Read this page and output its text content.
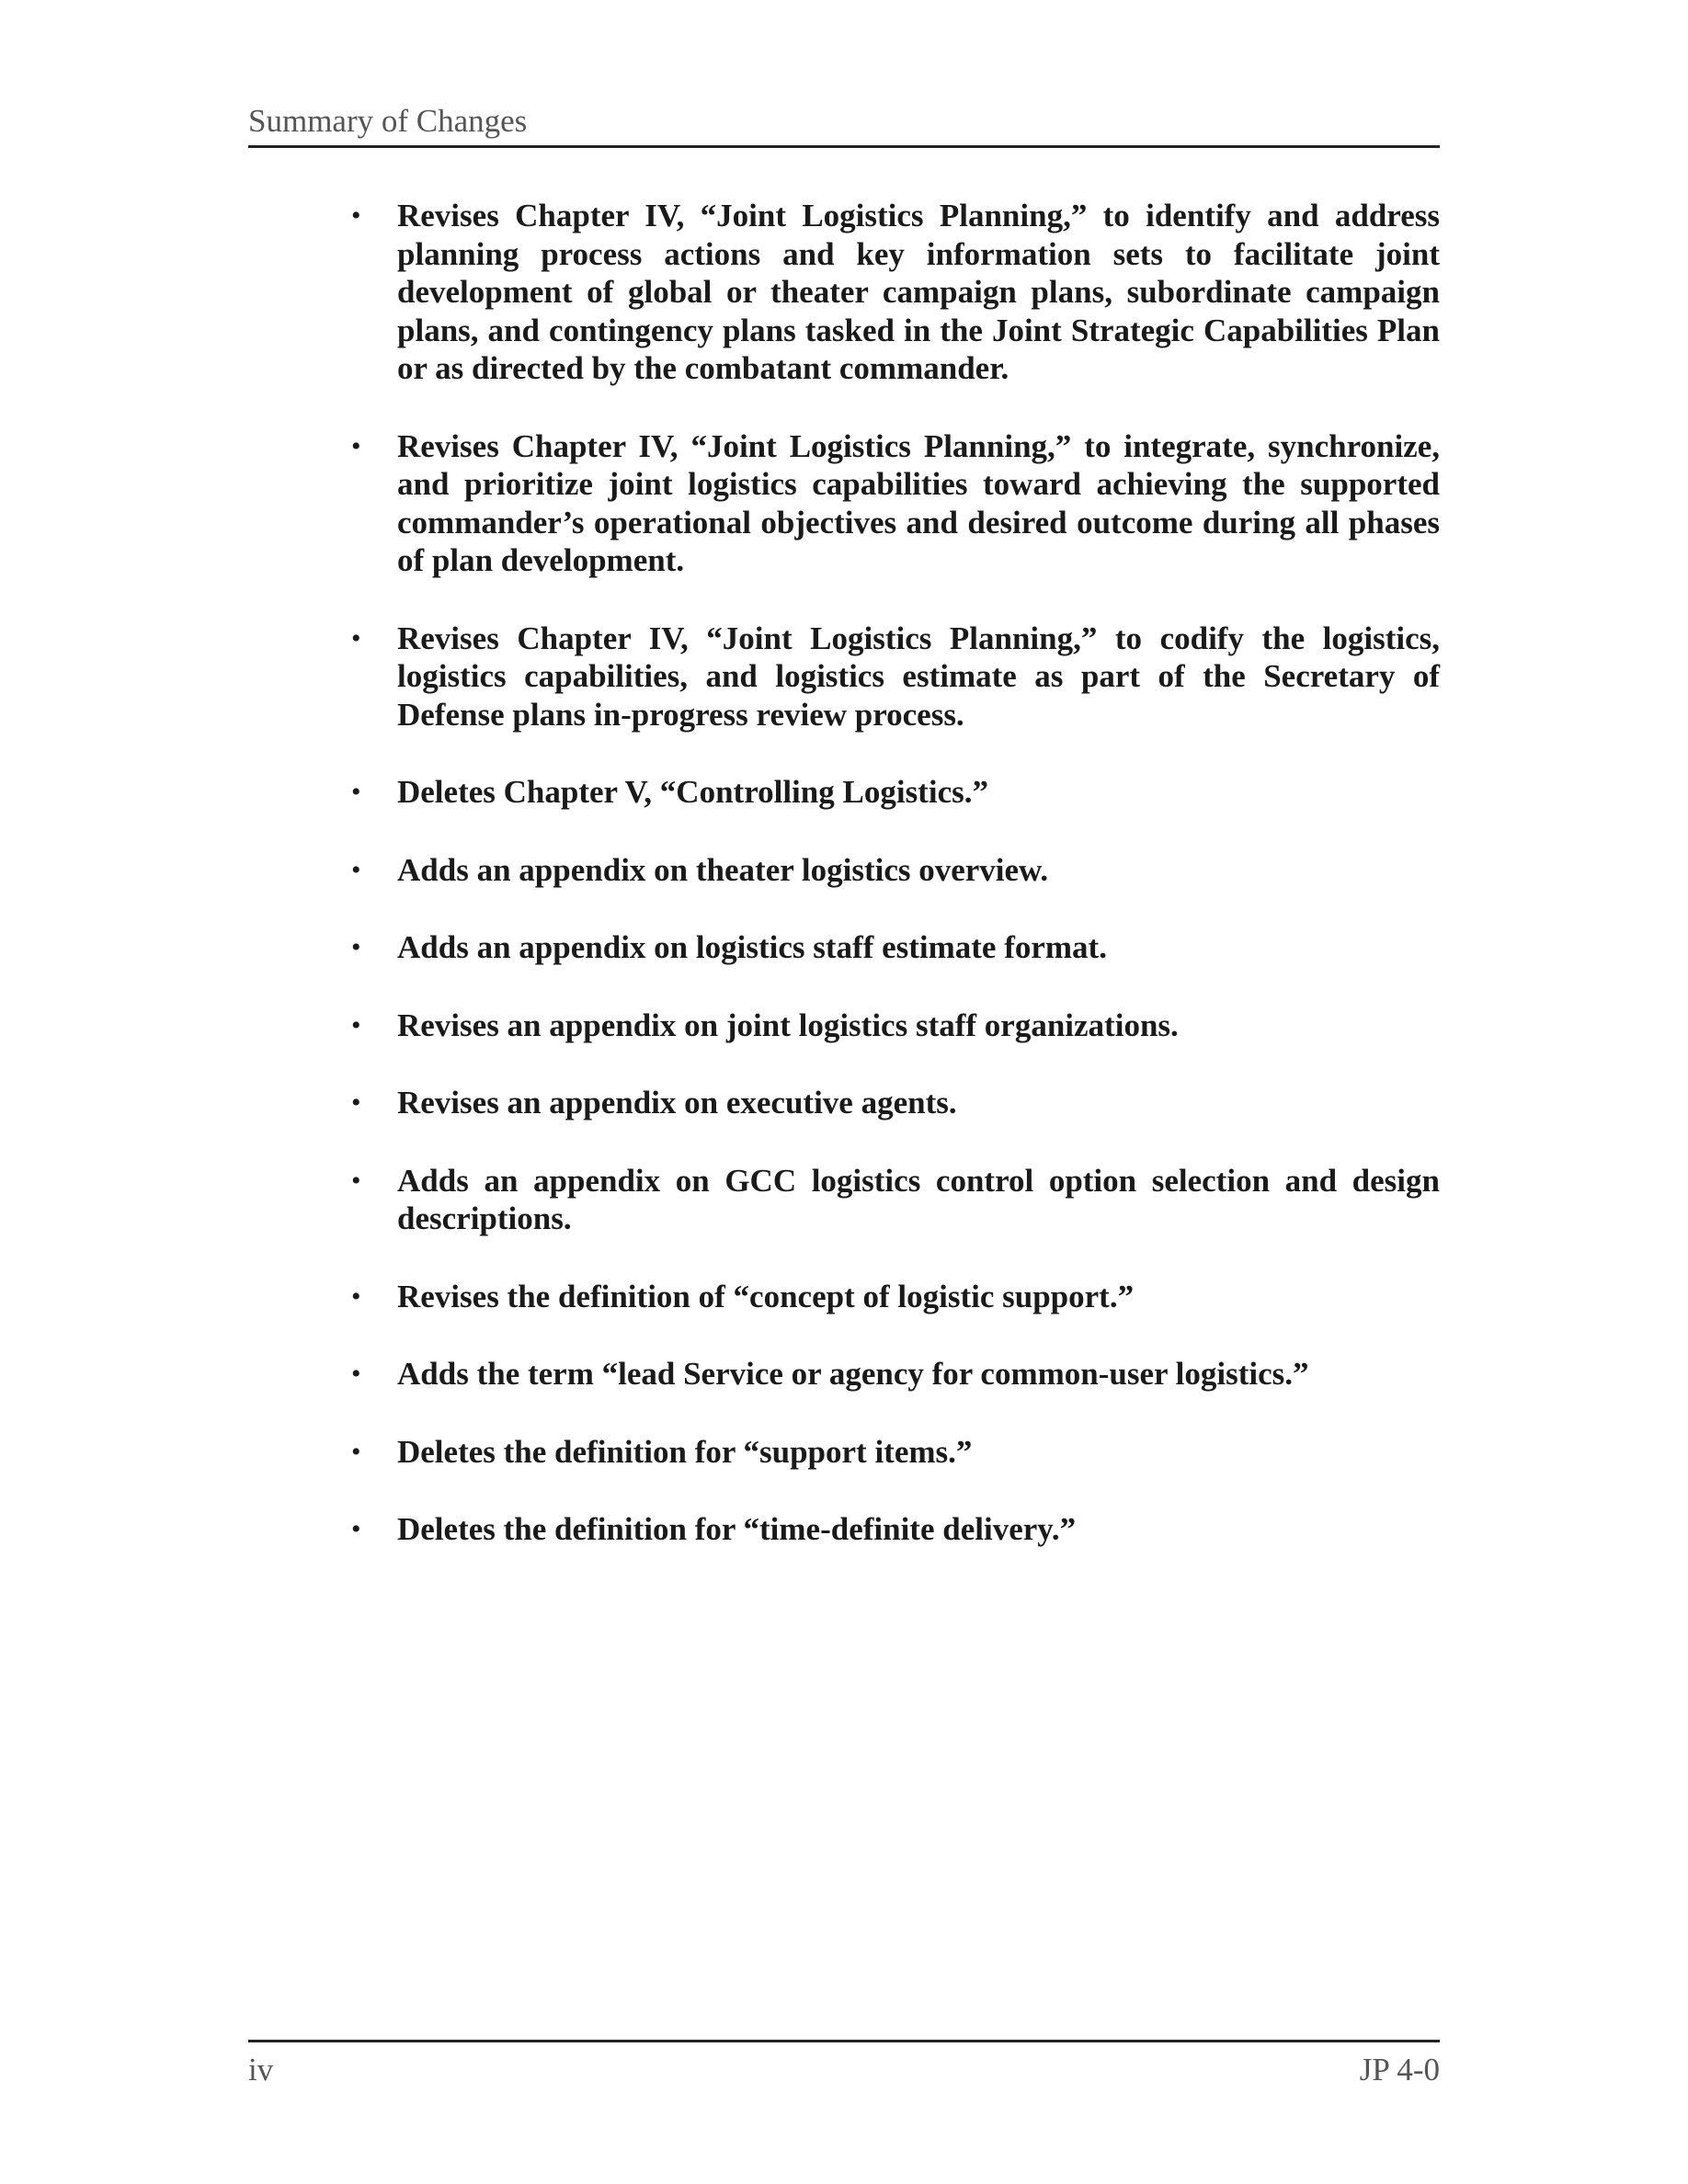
Summary of Changes
• Revises Chapter IV, “Joint Logistics Planning,” to identify and address planning process actions and key information sets to facilitate joint development of global or theater campaign plans, subordinate campaign plans, and contingency plans tasked in the Joint Strategic Capabilities Plan or as directed by the combatant commander.
• Revises Chapter IV, “Joint Logistics Planning,” to integrate, synchronize, and prioritize joint logistics capabilities toward achieving the supported commander’s operational objectives and desired outcome during all phases of plan development.
• Revises Chapter IV, “Joint Logistics Planning,” to codify the logistics, logistics capabilities, and logistics estimate as part of the Secretary of Defense plans in-progress review process.
• Deletes Chapter V, “Controlling Logistics.”
• Adds an appendix on theater logistics overview.
• Adds an appendix on logistics staff estimate format.
• Revises an appendix on joint logistics staff organizations.
• Revises an appendix on executive agents.
• Adds an appendix on GCC logistics control option selection and design descriptions.
• Revises the definition of “concept of logistic support.”
• Adds the term “lead Service or agency for common-user logistics.”
• Deletes the definition for “support items.”
• Deletes the definition for “time-definite delivery.”
iv	JP 4-0
